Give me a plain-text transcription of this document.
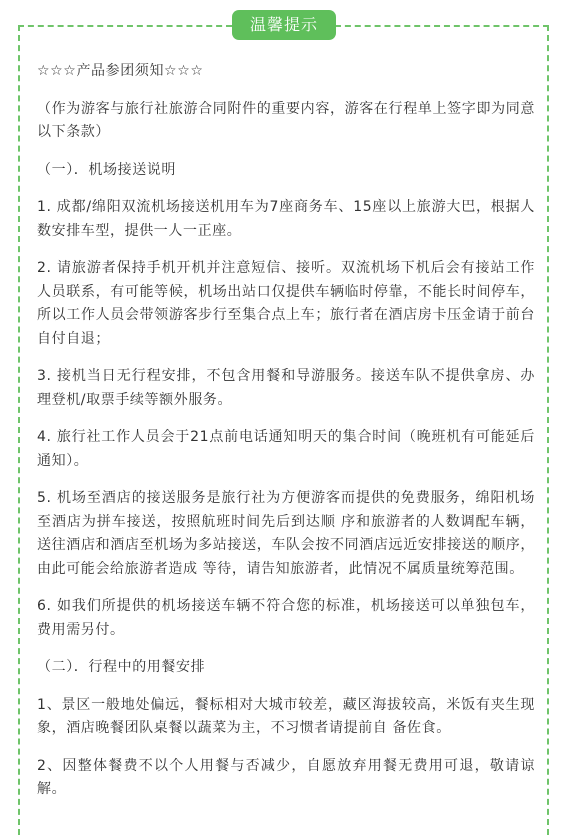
温馨提示

☆☆☆产品参团须知☆☆☆

（作为游客与旅行社旅游合同附件的重要内容，游客在行程单上签字即为同意以下条款）

（一）．机场接送说明

1. 成都/绵阳双流机场接送机用车为7座商务车、15座以上旅游大巴，根据人数安排车型，提供一人一正座。

2. 请旅游者保持手机开机并注意短信、接听。双流机场下机后会有接站工作人员联系，有可能等候，机场出站口仅提供车辆临时停靠，不能长时间停车，所以工作人员会带领游客步行至集合点上车；旅行者在酒店房卡压金请于前台自付自退；

3. 接机当日无行程安排，不包含用餐和导游服务。接送车队不提供拿房、办理登机/取票手续等额外服务。

4. 旅行社工作人员会于21点前电话通知明天的集合时间（晚班机有可能延后通知）。

5. 机场至酒店的接送服务是旅行社为方便游客而提供的免费服务，绵阳机场至酒店为拼车接送，按照航班时间先后到达顺 序和旅游者的人数调配车辆，送往酒店和酒店至机场为多站接送，车队会按不同酒店远近安排接送的顺序，由此可能会给旅游者造成 等待，请告知旅游者，此情况不属质量统筹范围。

6. 如我们所提供的机场接送车辆不符合您的标准，机场接送可以单独包车，费用需另付。

（二）．行程中的用餐安排

1、景区一般地处偏远，餐标相对大城市较差，藏区海拔较高，米饭有夹生现象，酒店晚餐团队桌餐以蔬菜为主，不习惯者请提前自 备佐食。

2、因整体餐费不以个人用餐与否减少，自愿放弃用餐无费用可退，敬请谅解。
